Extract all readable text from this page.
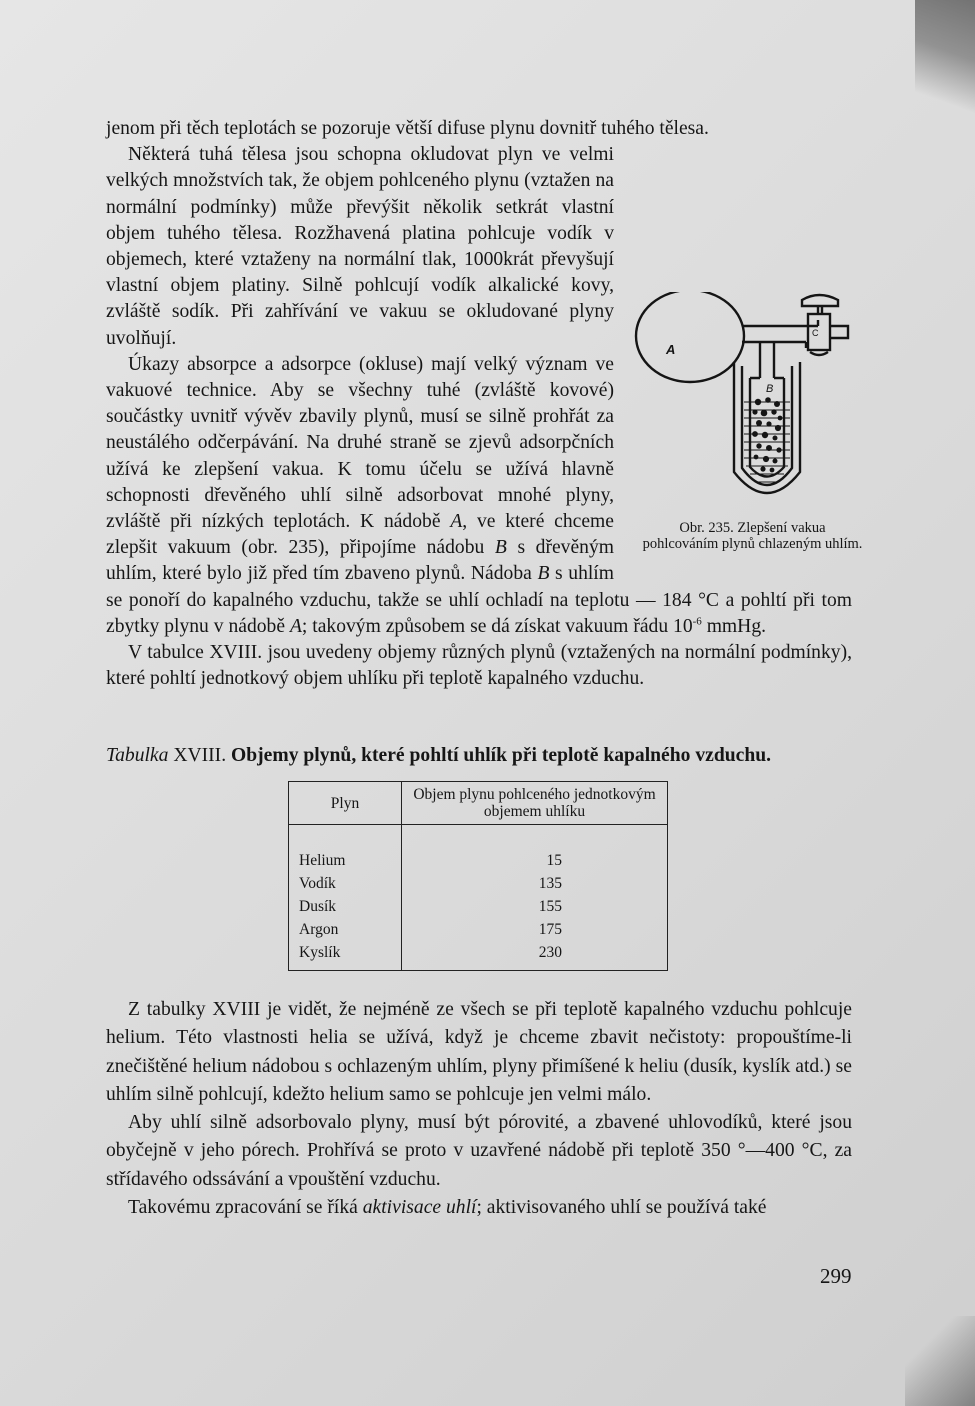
jenom při těch teplotách se pozoruje větší difuse plynu dovnitř tuhého tělesa.

A
B
C
Obr. 235. Zlepšení vakua pohlcováním plynů chlazeným uhlím.

Některá tuhá tělesa jsou schopna okludovat plyn ve velmi velkých množstvích tak, že objem pohlceného plynu (vztažen na normální podmínky) může převýšit několik setkrát vlastní objem tuhého tělesa. Rozžhavená platina pohlcuje vodík v objemech, které vztaženy na normální tlak, 1000krát převyšují vlastní objem platiny. Silně pohlcují vodík alkalické kovy, zvláště sodík. Při zahřívání ve vakuu se okludované plyny uvolňují.

Úkazy absorpce a adsorpce (okluse) mají velký význam ve vakuové technice. Aby se všechny tuhé (zvláště kovové) součástky uvnitř vývěv zbavily plynů, musí se silně prohřát za neustálého odčerpávání. Na druhé straně se zjevů adsorpčních užívá ke zlepšení vakua. K tomu účelu se užívá hlavně schopnosti dřevěného uhlí silně adsorbovat mnohé plyny, zvláště při nízkých teplotách. K nádobě A, ve které chceme zlepšit vakuum (obr. 235), připojíme nádobu B s dřevěným uhlím, které bylo již před tím zbaveno plynů. Nádoba B s uhlím se ponoří do kapalného vzduchu, takže se uhlí ochladí na teplotu — 184 °C a pohltí při tom zbytky plynu v nádobě A; takovým způsobem se dá získat vakuum řádu $10^{-6}$ mmHg.

V tabulce XVIII. jsou uvedeny objemy různých plynů (vztažených na normální podmínky), které pohltí jednotkový objem uhlíku při teplotě kapalného vzduchu.

Tabulka XVIII. Objemy plynů, které pohltí uhlík při teplotě kapalného vzduchu.
Plyn	Objem plynu pohlceného jednotkovým objemem uhlíku

Helium	15
Vodík	135
Dusík	155
Argon	175
Kyslík	230

Z tabulky XVIII je vidět, že nejméně ze všech se při teplotě kapalného vzduchu pohlcuje helium. Této vlastnosti helia se užívá, když je chceme zbavit nečistoty: propouštíme-li znečištěné helium nádobou s ochlazeným uhlím, plyny přimíšené k heliu (dusík, kyslík atd.) se uhlím silně pohlcují, kdežto helium samo se pohlcuje jen velmi málo.

Aby uhlí silně adsorbovalo plyny, musí být pórovité, a zbavené uhlovodíků, které jsou obyčejně v jeho pórech. Prohřívá se proto v uzavřené nádobě při teplotě 350 °—400 °C, za střídavého odssávání a vpouštění vzduchu.

Takovému zpracování se říká aktivisace uhlí; aktivisovaného uhlí se používá také

299
